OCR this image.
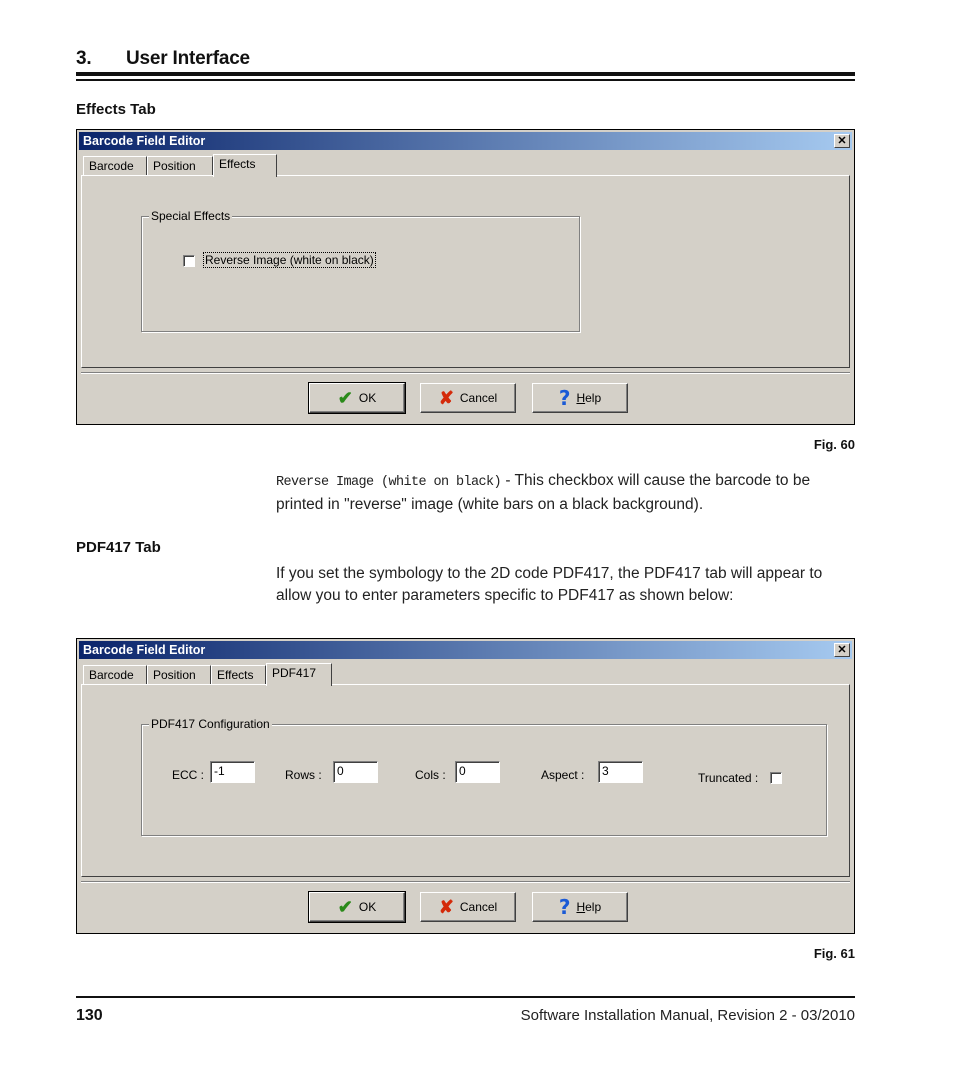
3. User Interface
Effects Tab
Barcode Field Editor	✕
Barcode	Position	Effects
Special Effects
Reverse Image (white on black)
✔ OK	✘ Cancel	? Help
Fig. 60
Reverse Image (white on black) - This checkbox will cause the barcode to be printed in "reverse" image (white bars on a black background).
PDF417 Tab
If you set the symbology to the 2D code PDF417, the PDF417 tab will appear to allow you to enter parameters specific to PDF417 as shown below:
Barcode Field Editor	✕
Barcode	Position	Effects	PDF417
PDF417 Configuration
ECC : -1	Rows :	0	Cols :	0	Aspect :	3	Truncated :
✔ OK	✘ Cancel	? Help
Fig. 61
130	Software Installation Manual, Revision 2 - 03/2010
